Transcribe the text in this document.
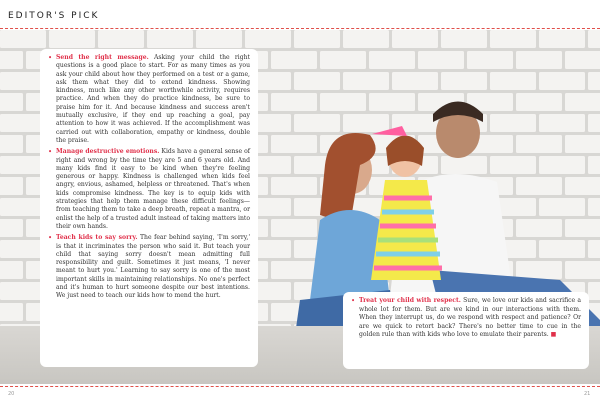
EDITOR'S PICK
• Send the right message. Asking your child the right questions is a good place to start. For as many times as you ask your child about how they performed on a test or a game, ask them what they did to extend kindness. Showing kindness, much like any other worthwhile activity, requires practice. And when they do practice kindness, be sure to praise him for it. And because kindness and success aren't mutually exclusive, if they end up reaching a goal, pay attention to how it was achieved. If the accomplishment was carried out with collaboration, empathy or kindness, double the praise.
• Manage destructive emotions. Kids have a general sense of right and wrong by the time they are 5 and 6 years old. And many kids find it easy to be kind when they're feeling generous or happy. Kindness is challenged when kids feel angry, envious, ashamed, helpless or threatened. That's when kids compromise kindness. The key is to equip kids with strategies that help them manage these difficult feelings—from teaching them to take a deep breath, repeat a mantra, or enlist the help of a trusted adult instead of taking matters into their own hands.
• Teach kids to say sorry. The fear behind saying, 'I'm sorry,' is that it incriminates the person who said it. But teach your child that saying sorry doesn't mean admitting full responsibility and guilt. Sometimes it just means, 'I never meant to hurt you.' Learning to say sorry is one of the most important skills in maintaining relationships. No one's perfect and it's human to hurt someone despite our best intentions. We just need to teach our kids how to mend the hurt.
• Treat your child with respect. Sure, we love our kids and sacrifice a whole lot for them. But are we kind in our interactions with them. When they interrupt us, do we respond with respect and patience? Or are we quick to retort back? There's no better time to cue in the golden rule than with kids who love to emulate their parents. ■
20	21
